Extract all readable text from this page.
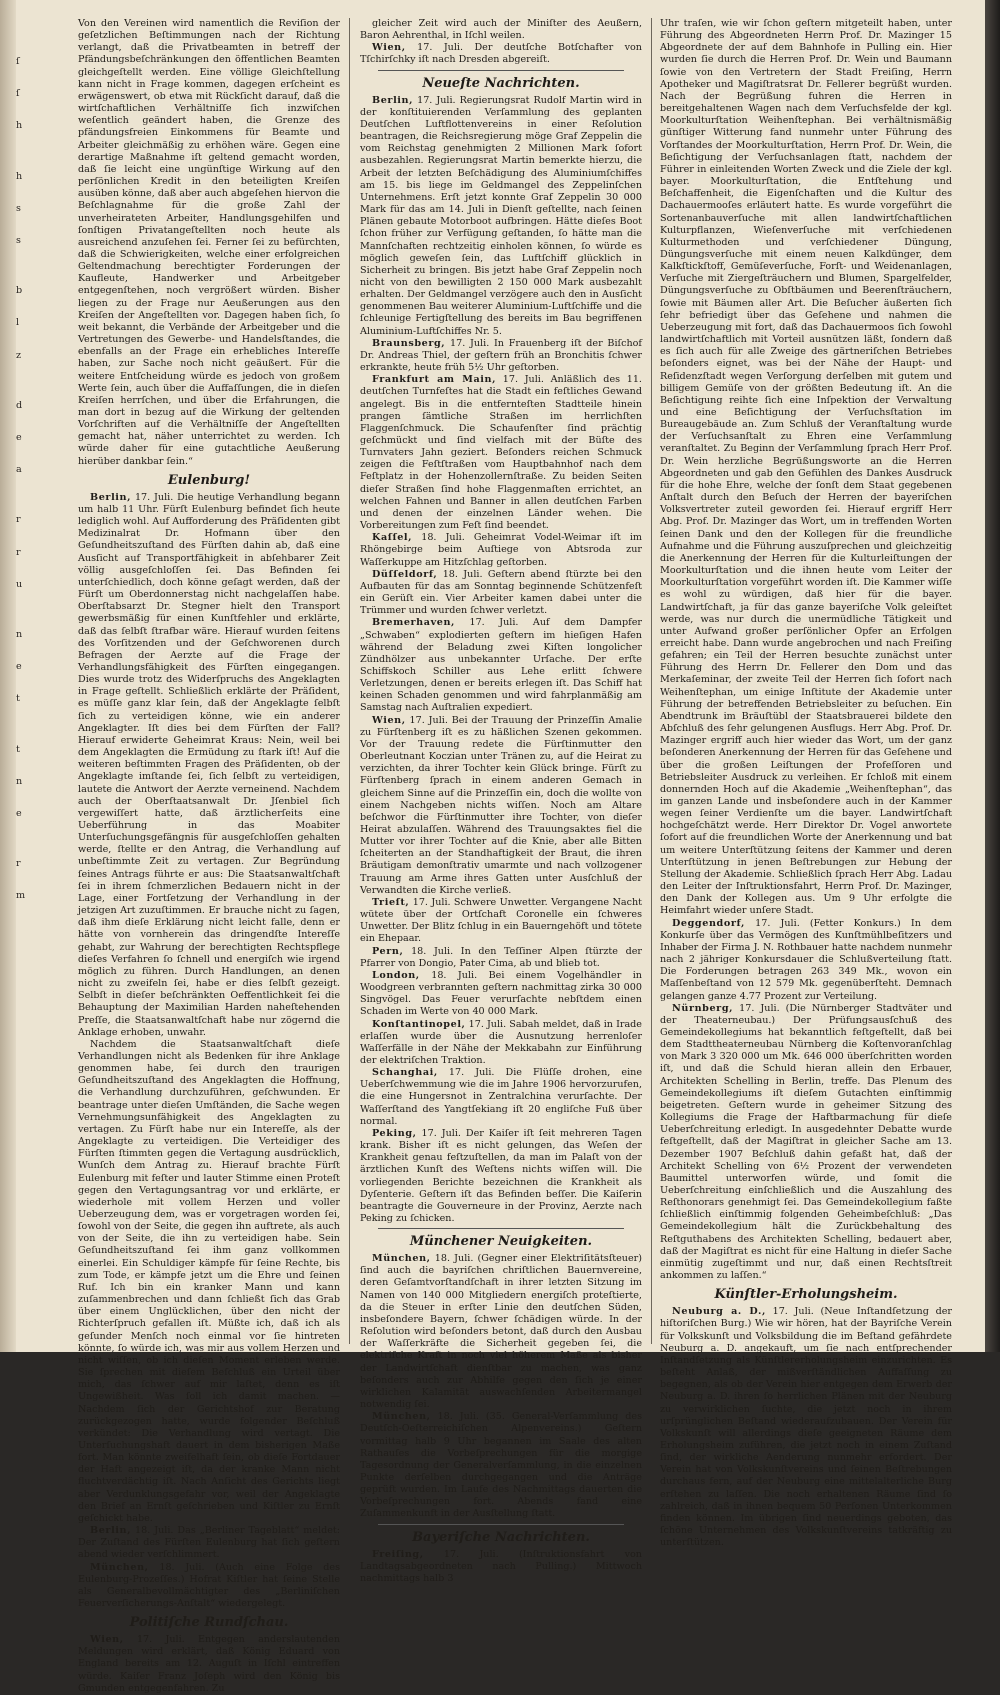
ſ
ſ
h
h
s
s
b
l
z
d
e
a
r
r
u
n
e
t
t
n
e
r
m

Von den Vereinen wird namentlich die Reviſion der geſetzlichen Beſtimmungen nach der Richtung verlangt, daß die Privatbeamten in betreff der Pfändungsbeſchränkungen den öffentlichen Beamten gleichgeſtellt werden. Eine völlige Gleichſtellung kann nicht in Frage kommen, dagegen erſcheint es erwägenswert, ob etwa mit Rückſicht darauf, daß die wirtſchaftlichen Verhältniſſe ſich inzwiſchen weſentlich geändert haben, die Grenze des pfändungsfreien Einkommens für Beamte und Arbeiter gleichmäßig zu erhöhen wäre. Gegen eine derartige Maßnahme iſt geltend gemacht worden, daß ſie leicht eine ungünſtige Wirkung auf den perſönlichen Kredit in den beteiligten Kreiſen ausüben könne, daß aber auch abgeſehen hiervon die Beſchlagnahme für die große Zahl der unverheirateten Arbeiter, Handlungsgehilfen und ſonſtigen Privatangeſtellten noch heute als ausreichend anzuſehen ſei. Ferner ſei zu befürchten, daß die Schwierigkeiten, welche einer erfolgreichen Geltendmachung berechtigter Forderungen der Kaufleute, Handwerker und Arbeitgeber entgegenſtehen, noch vergrößert würden. Bisher liegen zu der Frage nur Aeußerungen aus den Kreiſen der Angeſtellten vor. Dagegen haben ſich, ſo weit bekannt, die Verbände der Arbeitgeber und die Vertretungen des Gewerbe- und Handelsſtandes, die ebenfalls an der Frage ein erhebliches Intereſſe haben, zur Sache noch nicht geäußert. Für die weitere Entſcheidung würde es jedoch von großem Werte ſein, auch über die Auffaſſungen, die in dieſen Kreiſen herrſchen, und über die Erfahrungen, die man dort in bezug auf die Wirkung der geltenden Vorſchriften auf die Verhältniſſe der Angeſtellten gemacht hat, näher unterrichtet zu werden. Ich würde daher für eine gutachtliche Aeußerung hierüber dankbar ſein.“

Eulenburg!

Berlin, 17. Juli. Die heutige Verhandlung begann um halb 11 Uhr. Fürſt Eulenburg befindet ſich heute lediglich wohl. Auf Aufforderung des Präſidenten gibt Medizinalrat Dr. Hofmann über den Geſundheitszuſtand des Fürſten dahin ab, daß eine Ausſicht auf Transportfähigkeit in abſehbarer Zeit völlig ausgeſchloſſen ſei. Das Befinden ſei unterſchiedlich, doch könne geſagt werden, daß der Fürſt um Oberdonnerstag nicht nachgelaſſen habe. Oberſtabsarzt Dr. Stegner hielt den Transport gewerbsmäßig für einen Kunſtfehler und erklärte, daß das ſelbſt ſtrafbar wäre. Hierauf wurden ſeitens des Vorſitzenden und der Geſchworenen durch Befragen der Aerzte auf die Frage der Verhandlungsfähigkeit des Fürſten eingegangen. Dies wurde trotz des Widerſpruchs des Angeklagten in Frage geſtellt. Schließlich erklärte der Präſident, es müſſe ganz klar ſein, daß der Angeklagte ſelbſt ſich zu verteidigen könne, wie ein anderer Angeklagter. Iſt dies bei dem Fürſten der Fall? Hierauf erwiderte Geheimrat Kraus: Nein, weil bei dem Angeklagten die Ermüdung zu ſtark iſt! Auf die weiteren beſtimmten Fragen des Präſidenten, ob der Angeklagte imſtande ſei, ſich ſelbſt zu verteidigen, lautete die Antwort der Aerzte verneinend. Nachdem auch der Oberſtaatsanwalt Dr. Jſenbiel ſich vergewiſſert hatte, daß ärztlicherſeits eine Ueberführung in das Moabiter Unterſuchungsgefängnis für ausgeſchloſſen gehalten werde, ſtellte er den Antrag, die Verhandlung auf unbeſtimmte Zeit zu vertagen. Zur Begründung ſeines Antrags führte er aus: Die Staatsanwaltſchaft ſei in ihrem ſchmerzlichen Bedauern nicht in der Lage, einer Fortſetzung der Verhandlung in der jetzigen Art zuzuſtimmen. Er brauche nicht zu ſagen, daß ihm dieſe Erklärung nicht leicht falle, denn er hätte von vornherein das dringendſte Intereſſe gehabt, zur Wahrung der berechtigten Rechtspflege dieſes Verfahren ſo ſchnell und energiſch wie irgend möglich zu führen. Durch Handlungen, an denen nicht zu zweifeln ſei, habe er dies ſelbſt gezeigt. Selbſt in dieſer beſchränkten Oeffentlichkeit ſei die Behauptung der Maximilian Harden naheſtehenden Preſſe, die Staatsanwaltſchaft habe nur zögernd die Anklage erhoben, unwahr.

Nachdem die Staatsanwaltſchaft dieſe Verhandlungen nicht als Bedenken für ihre Anklage genommen habe, ſei durch den traurigen Geſundheitszuſtand des Angeklagten die Hoffnung, die Verhandlung durchzuführen, geſchwunden. Er beantrage unter dieſen Umſtänden, die Sache wegen Vernehmungsunfähigkeit des Angeklagten zu vertagen. Zu Fürſt habe nur ein Intereſſe, als der Angeklagte zu verteidigen. Die Verteidiger des Fürſten ſtimmten gegen die Vertagung ausdrücklich, Wunſch dem Antrag zu. Hierauf brachte Fürſt Eulenburg mit feſter und lauter Stimme einen Proteſt gegen den Vertagungsantrag vor und erklärte, er wiederhole mit vollem Herzen und voller Ueberzeugung dem, was er vorgetragen worden ſei, ſowohl von der Seite, die gegen ihn auftrete, als auch von der Seite, die ihn zu verteidigen habe. Sein Geſundheitszuſtand ſei ihm ganz vollkommen einerlei. Ein Schuldiger kämpfe für ſeine Rechte, bis zum Tode, er kämpfe jetzt um die Ehre und ſeinen Ruf. Ich bin ein kranker Mann und kann zuſammenbrechen und dann ſchließt ſich das Grab über einem Unglücklichen, über den nicht der Richterſpruch gefallen iſt. Müßte ich, daß ich als geſunder Menſch noch einmal vor ſie hintreten könnte, ſo würde ich, was mir aus vollem Herzen und nicht wiſſen, ob ich dieſen Moment erleben werde. Sie ſprechen mit dieſem Beſchluß ein Urteil über mich, das ſchwer auf mir laſtet, denn es iſt Ungewißheit. Was ſoll ich damit machen. — Nachdem ſich der Gerichtshof zur Beratung zurückgezogen hatte, wurde folgender Beſchluß verkündet: Die Verhandlung wird vertagt. Die Unterſuchungshaft dauert in dem bisherigen Maße fort. Man könnte zweifelhaft ſein, ob dieſe Fortdauer der Haft angezeigt iſt, da der kranke Mann nicht fluchtverdächtig iſt. Nach Anſicht des Gerichts liegt aber Verdunklungsgefahr vor, weil der Angeklagte den Brief an Ernſt geſchrieben und Kiſtler zu Ernſt geſchickt habe.

Berlin, 18. Juli. Das „Berliner Tageblatt“ meldet: Der Zuſtand des Fürſten Eulenburg hat ſich geſtern abend wieder verſchlimmert.

München, 18. Juli. (Auch eine Folge des Eulenburg-Prozeſſes.) Hofrat Kiſtler hat ſeine Stelle als Generalbevollmächtigter des „Berliniſchen Feuerverſicherungs-Anſtalt“ wiedergelegt.

Politiſche Rundſchau.

Wien, 17. Juli. Entgegen anderslautenden Meldungen wird erklärt, daß König Eduard von England bereits am 12. Auguſt in Iſchl eintreffen würde. Kaiſer Franz Joſeph wird den König bis Gmunden entgegenfahren. Zu

gleicher Zeit wird auch der Miniſter des Aeußern, Baron Aehrenthal, in Iſchl weilen.

Wien, 17. Juli. Der deutſche Botſchafter von Tſchirſchky iſt nach Dresden abgereiſt.

Neueſte Nachrichten.

Berlin, 17. Juli. Regierungsrat Rudolf Martin wird in der konſtituierenden Verſammlung des geplanten Deutſchen Luftflottenvereins in einer Reſolution beantragen, die Reichsregierung möge Graf Zeppelin die vom Reichstag genehmigten 2 Millionen Mark ſofort ausbezahlen. Regierungsrat Martin bemerkte hierzu, die Arbeit der letzten Beſchädigung des Aluminiumſchiffes am 15. bis liege im Geldmangel des Zeppelinſchen Unternehmens. Erſt jetzt konnte Graf Zeppelin 30 000 Mark für das am 14. Juli in Dienſt geſtellte, nach ſeinen Plänen gebaute Motorboot aufbringen. Hätte dieſes Boot ſchon früher zur Verfügung geſtanden, ſo hätte man die Mannſchaften rechtzeitig einholen können, ſo würde es möglich geweſen ſein, das Luftſchiff glücklich in Sicherheit zu bringen. Bis jetzt habe Graf Zeppelin noch nicht von den bewilligten 2 150 000 Mark ausbezahlt erhalten. Der Geldmangel verzögere auch den in Ausſicht genommenen Bau weiterer Aluminium-Luftſchiffe und die ſchleunige Fertigſtellung des bereits im Bau begriffenen Aluminium-Luftſchiffes Nr. 5.

Braunsberg, 17. Juli. In Frauenberg iſt der Biſchof Dr. Andreas Thiel, der geſtern früh an Bronchitis ſchwer erkrankte, heute früh 5½ Uhr geſtorben.

Frankfurt am Main, 17. Juli. Anläßlich des 11. deutſchen Turnfeſtes hat die Stadt ein feſtliches Gewand angelegt. Bis in die entfernteſten Stadtteile hinein prangen ſämtliche Straßen im herrlichſten Flaggenſchmuck. Die Schaufenſter ſind prächtig geſchmückt und ſind vielfach mit der Büſte des Turnvaters Jahn geziert. Beſonders reichen Schmuck zeigen die Feſtſtraßen vom Hauptbahnhof nach dem Feſtplatz in der Hohenzollernſtraße. Zu beiden Seiten dieſer Straßen ſind hohe Flaggenmaſten errichtet, an welchen Fahnen und Banner in allen deutſchen Farben und denen der einzelnen Länder wehen. Die Vorbereitungen zum Feſt ſind beendet.

Kaſſel, 18. Juli. Geheimrat Vodel-Weimar iſt im Rhöngebirge beim Auſtiege von Abtsroda zur Waſſerkuppe am Hitzſchlag geſtorben.

Düſſeldorf, 18. Juli. Geſtern abend ſtürzte bei den Aufbauten für das am Sonntag beginnende Schützenfeſt ein Gerüſt ein. Vier Arbeiter kamen dabei unter die Trümmer und wurden ſchwer verletzt.

Bremerhaven, 17. Juli. Auf dem Dampfer „Schwaben“ explodierten geſtern im hieſigen Hafen während der Beladung zwei Kiſten longolicher Zündhölzer aus unbekannter Urſache. Der erſte Schiffskoch Schiller aus Lehe erlitt ſchwere Verletzungen, denen er bereits erlegen iſt. Das Schiff hat keinen Schaden genommen und wird fahrplanmäßig am Samstag nach Auſtralien expediert.

Wien, 17. Juli. Bei der Trauung der Prinzeſſin Amalie zu Fürſtenberg iſt es zu häßlichen Szenen gekommen. Vor der Trauung redete die Fürſtinmutter den Oberleutnant Koczian unter Tränen zu, auf die Heirat zu verzichten, da ihrer Tochter kein Glück bringe. Fürſt zu Fürſtenberg ſprach in einem anderen Gemach in gleichem Sinne auf die Prinzeſſin ein, doch die wollte von einem Nachgeben nichts wiſſen. Noch am Altare beſchwor die Fürſtinmutter ihre Tochter, von dieſer Heirat abzulaſſen. Während des Trauungsaktes fiel die Mutter vor ihrer Tochter auf die Knie, aber alle Bitten ſcheiterten an der Standhaftigkeit der Braut, die ihren Bräutigam demonſtrativ umarmte und nach vollzogener Trauung am Arme ihres Gatten unter Ausſchluß der Verwandten die Kirche verließ.

Trieſt, 17. Juli. Schwere Unwetter. Vergangene Nacht wütete über der Ortſchaft Coronelle ein ſchweres Unwetter. Der Blitz ſchlug in ein Bauerngehöft und tötete ein Ehepaar.

Pern, 18. Juli. In den Teſſiner Alpen ſtürzte der Pfarrer von Dongio, Pater Cima, ab und blieb tot.

London, 18. Juli. Bei einem Vogelhändler in Woodgreen verbrannten geſtern nachmittag zirka 30 000 Singvögel. Das Feuer verurſachte nebſtdem einen Schaden im Werte von 40 000 Mark.

Konſtantinopel, 17. Juli. Sabah meldet, daß in Irade erlaſſen wurde über die Ausnutzung herrenloſer Waſſerfälle in der Nähe der Mekkabahn zur Einführung der elektriſchen Traktion.

Schanghai, 17. Juli. Die Flüſſe drohen, eine Ueberſchwemmung wie die im Jahre 1906 hervorzurufen, die eine Hungersnot in Zentralchina verurſachte. Der Waſſerſtand des Yangtſekiang iſt 20 engliſche Fuß über normal.

Peking, 17. Juli. Der Kaiſer iſt ſeit mehreren Tagen krank. Bisher iſt es nicht gelungen, das Weſen der Krankheit genau feſtzuſtellen, da man im Palaſt von der ärztlichen Kunſt des Weſtens nichts wiſſen will. Die vorliegenden Berichte bezeichnen die Krankheit als Dyſenterie. Geſtern iſt das Befinden beſſer. Die Kaiſerin beantragte die Gouverneure in der Provinz, Aerzte nach Peking zu ſchicken.

Münchener Neuigkeiten.

München, 18. Juli. (Gegner einer Elektriſitätsſteuer) ſind auch die bayriſchen chriſtlichen Bauernvereine, deren Geſamtvorſtandſchaft in ihrer letzten Sitzung im Namen von 140 000 Mitgliedern energiſch proteſtierte, da die Steuer in erſter Linie den deutſchen Süden, insbeſondere Bayern, ſchwer ſchädigen würde. In der Reſolution wird beſonders betont, daß durch den Ausbau der Waſſerkräfte die Sicherheit gegeben ſei, die elektriſche Kraft in noch viel höherem Maße als bisher der Landwirtſchaft dienſtbar zu machen, was ganz beſonders auch zur Abhilfe gegen den ſich je einer wirklichen Kalamität auswachſenden Arbeitermangel notwendig ſei.

München, 18. Juli. (35. General-Verſammlung des Deutſch-Oeſterreichiſchen Alpenvereins.) Geſtern vormittag halb 9 Uhr begannen im Saale des alten Rathauſes die Vorbeſprechungen für die morgige Tagesordnung der Generalverſammlung, in die einzelnen Punkte derſelben durchgegangen und die Anträge geprüft wurden. Im Laufe des Nachmittags dauerten die Vorbeſprechungen fort. Abends fand eine Zuſammenkunft in der Ausſtellung ſtatt.

Bayeriſche Nachrichten.

Freiſing, 17. Juli. (Inſtruktionsfahrt von Landtagsabgeordneten nach Pulling.) Mittwoch nachmittags halb 3

Uhr traſen, wie wir ſchon geſtern mitgeteilt haben, unter Führung des Abgeordneten Herrn Prof. Dr. Mazinger 15 Abgeordnete der auf dem Bahnhofe in Pulling ein. Hier wurden ſie durch die Herren Prof. Dr. Wein und Baumann ſowie von den Vertretern der Stadt Freiſing, Herrn Apotheker und Magiſtratsrat Dr. Fellerer begrüßt wurden. Nach der Begrüßung fuhren die Herren in bereitgehaltenen Wagen nach dem Verſuchsfelde der kgl. Moorkulturſtation Weihenſtephan. Bei verhältnismäßig günſtiger Witterung fand nunmehr unter Führung des Vorſtandes der Moorkulturſtation, Herrn Prof. Dr. Wein, die Beſichtigung der Verſuchsanlagen ſtatt, nachdem der Führer in einleitenden Worten Zweck und die Ziele der kgl. bayer. Moorkulturſtation, die Entſtehung und Beſchaffenheit, die Eigenſchaften und die Kultur des Dachauermooſes erläutert hatte. Es wurde vorgeführt die Sortenanbauverſuche mit allen landwirtſchaftlichen Kulturpflanzen, Wieſenverſuche mit verſchiedenen Kulturmethoden und verſchiedener Düngung, Düngungsverſuche mit einem neuen Kalkdünger, dem Kalkſtickſtoff, Gemüſeverſuche, Forſt- und Weidenanlagen, Verſuche mit Ziergeſträuchern und Blumen, Spargelfelder, Düngungsverſuche zu Obſtbäumen und Beerenſträuchern, ſowie mit Bäumen aller Art. Die Beſucher äußerten ſich ſehr befriedigt über das Geſehene und nahmen die Ueberzeugung mit fort, daß das Dachauermoos ſich ſowohl landwirtſchaftlich mit Vorteil ausnützen läßt, ſondern daß es ſich auch für alle Zweige des gärtneriſchen Betriebes beſonders eignet, was bei der Nähe der Haupt- und Reſidenzſtadt wegen Verſorgung derſelben mit gutem und billigem Gemüſe von der größten Bedeutung iſt. An die Beſichtigung reihte ſich eine Inſpektion der Verwaltung und eine Beſichtigung der Verſuchsſtation im Bureaugebäude an. Zum Schluß der Veranſtaltung wurde der Verſuchsanſtalt zu Ehren eine Verſammlung veranſtaltet. Zu Beginn der Verſammlung ſprach Herr Prof. Dr. Wein herzliche Begrüßungsworte an die Herren Abgeordneten und gab den Gefühlen des Dankes Ausdruck für die hohe Ehre, welche der ſonſt dem Staat gegebenen Anſtalt durch den Beſuch der Herren der bayeriſchen Volksvertreter zuteil geworden ſei. Hierauf ergriff Herr Abg. Prof. Dr. Mazinger das Wort, um in treffenden Worten ſeinen Dank und den der Kollegen für die freundliche Aufnahme und die Führung auszuſprechen und gleichzeitig die Anerkennung der Herren für die Kulturleiſtungen der Moorkulturſtation und die ihnen heute vom Leiter der Moorkulturſtation vorgeführt worden iſt. Die Kammer wiſſe es wohl zu würdigen, daß hier für die bayer. Landwirtſchaft, ja für das ganze bayeriſche Volk geleiſtet werde, was nur durch die unermüdliche Tätigkeit und unter Aufwand großer perſönlicher Opfer an Erfolgen erreicht habe. Dann wurde angebrochen und nach Freiſing gefahren; ein Teil der Herren besuchte zunächst unter Führung des Herrn Dr. Fellerer den Dom und das Merkaſeminar, der zweite Teil der Herren ſich ſofort nach Weihenſtephan, um einige Inſtitute der Akademie unter Führung der betreffenden Betriebsleiter zu beſuchen. Ein Abendtrunk im Bräuſtübl der Staatsbrauerei bildete den Abſchluß des ſehr gelungenen Ausflugs. Herr Abg. Prof. Dr. Mazinger ergriff auch hier wieder das Wort, um der ganz beſonderen Anerkennung der Herren für das Geſehene und über die großen Leiſtungen der Profeſſoren und Betriebsleiter Ausdruck zu verleihen. Er ſchloß mit einem donnernden Hoch auf die Akademie „Weihenſtephan“, das im ganzen Lande und insbeſondere auch in der Kammer wegen ſeiner Verdienſte um die bayer. Landwirtſchaft hochgeſchätzt werde. Herr Direktor Dr. Vogel anwortete ſofort auf die freundlichen Worte der Anerkennung und bat um weitere Unterſtützung ſeitens der Kammer und deren Unterſtützung in jenen Beſtrebungen zur Hebung der Stellung der Akademie. Schließlich ſprach Herr Abg. Ladau den Leiter der Inſtruktionsfahrt, Herrn Prof. Dr. Mazinger, den Dank der Kollegen aus. Um 9 Uhr erfolgte die Heimfahrt wieder unſere Stadt.

Deggendorf, 17. Juli. (Fetter Konkurs.) In dem Konkurſe über das Vermögen des Kunſtmühlbeſitzers und Inhaber der Firma J. N. Rothbauer hatte nachdem nunmehr nach 2 jähriger Konkursdauer die Schlußverteilung ſtatt. Die Forderungen betragen 263 349 Mk., wovon ein Maſſenbeſtand von 12 579 Mk. gegenüberſteht. Demnach gelangen ganze 4.77 Prozent zur Verteilung.

Nürnberg, 17. Juli. (Die Nürnberger Stadtväter und der Theaterneubau.) Der Prüfungsausſchuß des Gemeindekollegiums hat bekanntlich feſtgeſtellt, daß bei dem Stadttheaterneubau Nürnberg die Koſtenvoranſchlag von Mark 3 320 000 um Mk. 646 000 überſchritten worden iſt, und daß die Schuld hieran allein den Erbauer, Architekten Schelling in Berlin, treffe. Das Plenum des Gemeindekollegiums iſt dieſem Gutachten einſtimmig beigetreten. Geſtern wurde in geheimer Sitzung des Kollegiums die Frage der Haftbarmachung für dieſe Ueberſchreitung erledigt. In ausgedehnter Debatte wurde feſtgeſtellt, daß der Magiſtrat in gleicher Sache am 13. Dezember 1907 Beſchluß dahin gefaßt hat, daß der Architekt Schelling von 6½ Prozent der verwendeten Baumittel unterworfen würde, und ſomit die Ueberſchreitung einſchließlich und die Auszahlung des Reſthonorars genehmigt ſei. Das Gemeindekollegium faßte ſchließlich einſtimmig folgenden Geheimbeſchluß: „Das Gemeindekollegium hält die Zurückbehaltung des Reſtguthabens des Architekten Schelling, bedauert aber, daß der Magiſtrat es nicht für eine Haltung in dieſer Sache einmütig zugeſtimmt und nur, daß einen Rechtsſtreit ankommen zu laſſen.“

Künſtler-Erholungsheim.

Neuburg a. D., 17. Juli. (Neue Inſtandſetzung der hiſtoriſchen Burg.) Wie wir hören, hat der Bayriſche Verein für Volkskunſt und Volksbildung die im Beſtand gefährdete Neuburg a. D. angekauft, um ſie nach entſprechender Inſtandſetzung als Künſtlererholungsheim einzurichten. Es beſteht Anlaß, der mißverſtändlichen Auffaſſung zu begegnen, als ob der Verein hier entgegen dem Erwerb der Neuburg a. D. ihren ſo herrlichen Plänen mit der Neuburg zu verwirklichen ſuchte, die jetzt noch in ihrem urſprünglichen Beſtand wiederaufzubauen. Der Verein für Volkskunſt will allerdings dieſe geeigneten Räume dem Erholungsheim zuführen, die jetzt noch in einem Zuſtand ſind, der wirkliche Aenderung nunmehr erfordert. Der Verein hat von Volkskunſtvereins und ſeinen Beſtrebungen durchaus fern, auf der Neuburg eine mittelalterliche Burg erſtehen zu laſſen. Die noch erhaltenen Räume ſind ſo zahlreich, daß in ihnen bequem 50 Perſonen Unterkommen finden können. Im übrigen ſind neuerdings geboten, das ſchöne Unternehmen des Volkskunſtvereins tatkräftig zu unterſtützen.
